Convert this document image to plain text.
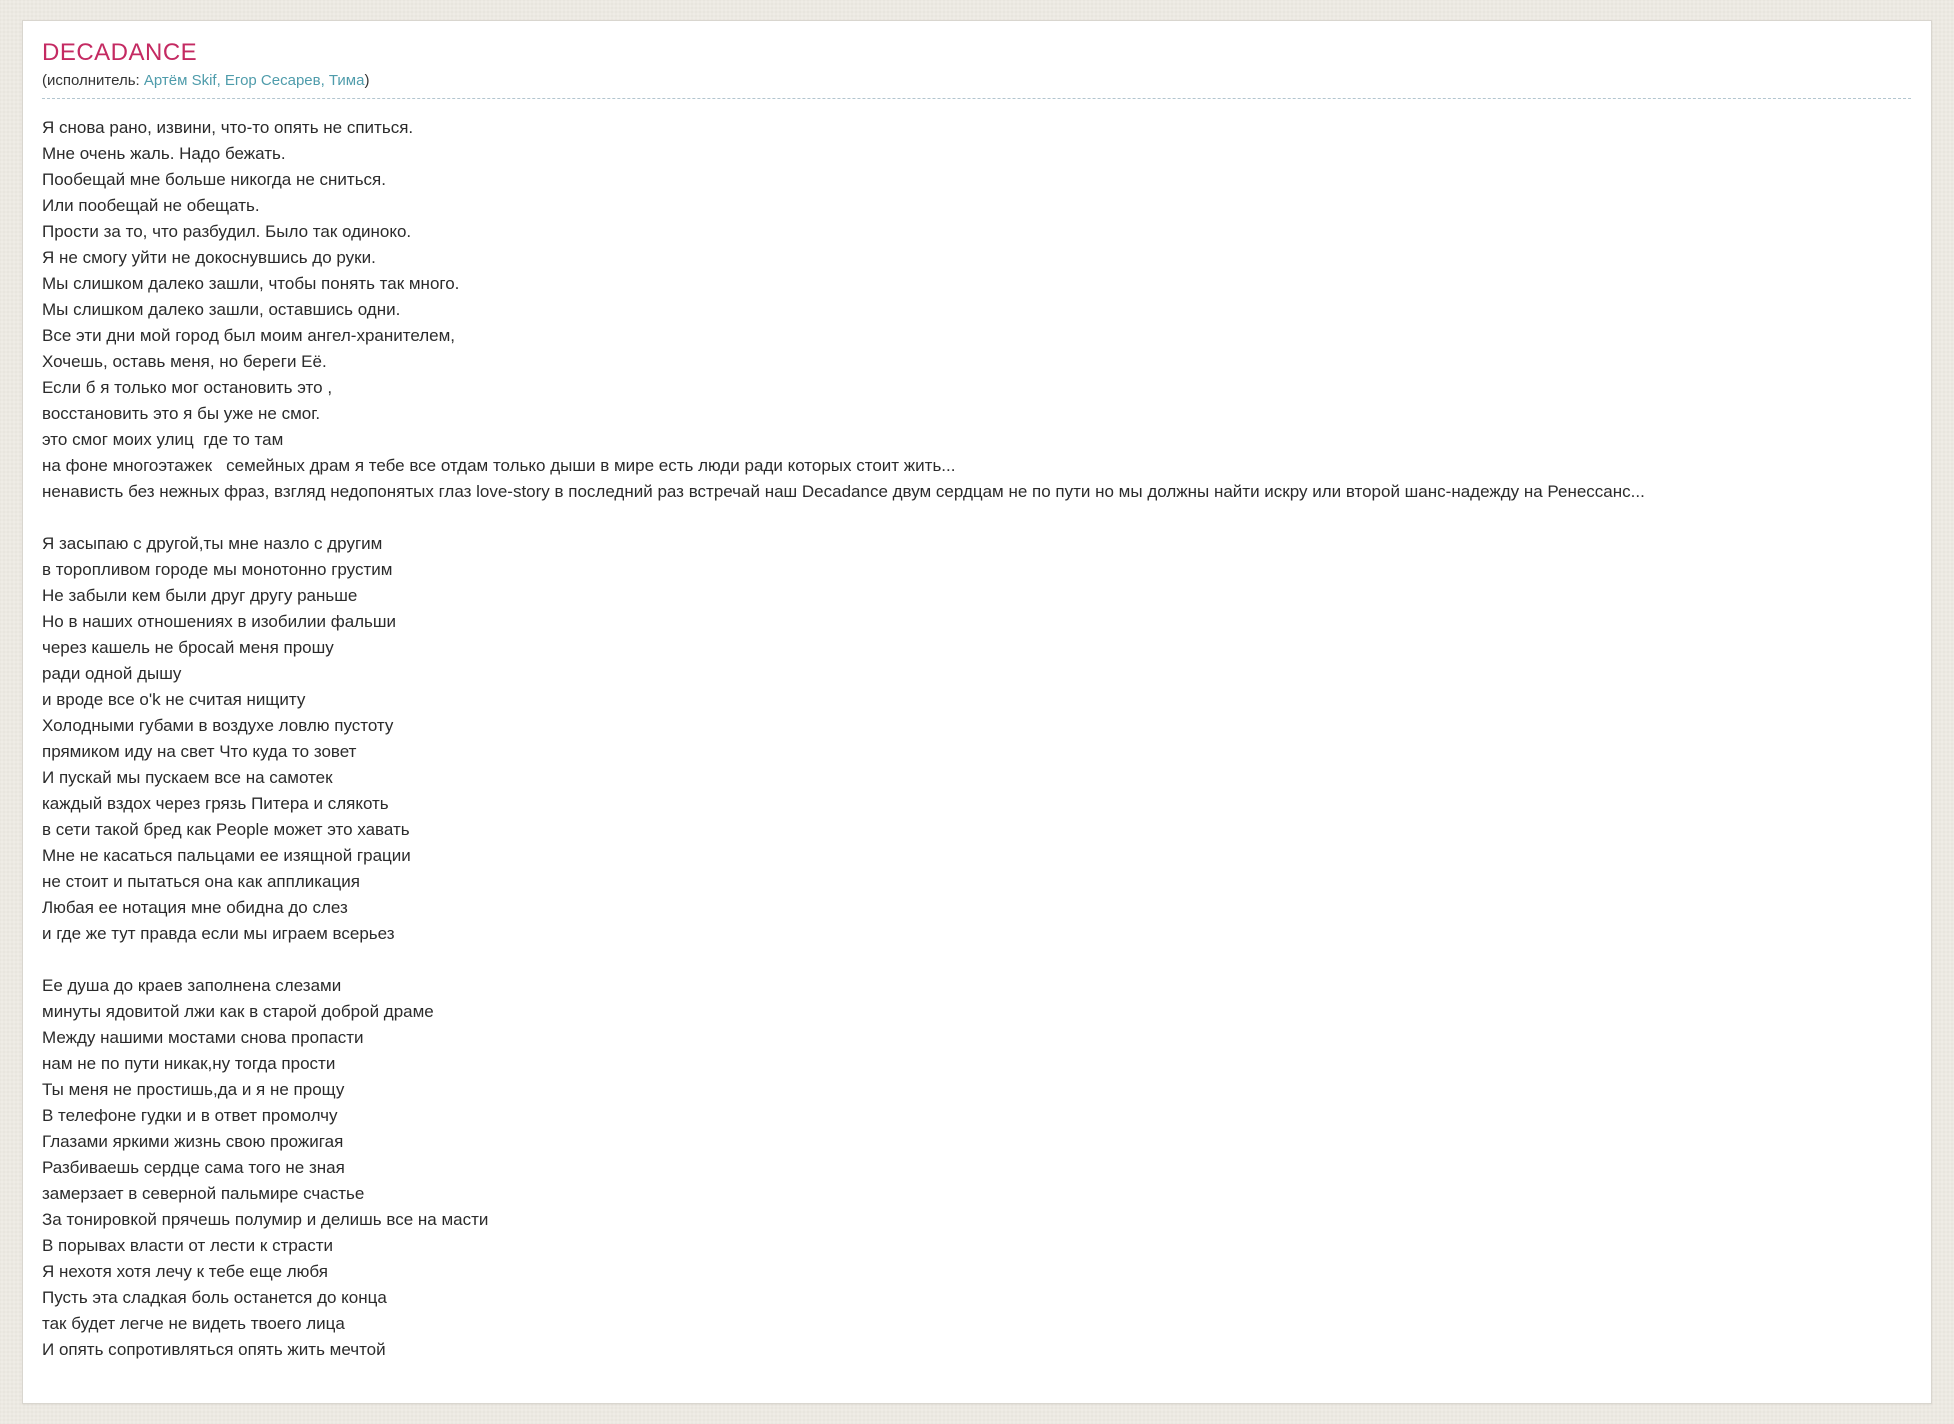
DECADANCE
(исполнитель: Артём Skif, Егор Сесарев, Тима)
Я снова рано, извини, что-то опять не спиться.
Мне очень жаль. Надо бежать.
Пообещай мне больше никогда не сниться.
Или пообещай не обещать.
Прости за то, что разбудил. Было так одиноко.
Я не смогу уйти не докоснувшись до руки.
Мы слишком далеко зашли, чтобы понять так много.
Мы слишком далеко зашли, оставшись одни.
Все эти дни мой город был моим ангел-хранителем,
Хочешь, оставь меня, но береги Её.
Если б я только мог остановить это ,
восстановить это я бы уже не смог.
это смог моих улиц  где то там
на фоне многоэтажек   семейных драм я тебе все отдам только дыши в мире есть люди ради которых стоит жить...
ненависть без нежных фраз, взгляд недопонятых глаз love-story в последний раз встречай наш Decadance двум сердцам не по пути но мы должны найти искру или второй шанс-надежду на Ренессанс...
Я засыпаю с другой,ты мне назло с другим
в торопливом городе мы монотонно грустим
Не забыли кем были друг другу раньше
Но в наших отношениях в изобилии фальши
через кашель не бросай меня прошу
ради одной дышу
и вроде все o'k не считая нищиту
Холодными губами в воздухе ловлю пустоту
прямиком иду на свет Что куда то зовет
И пускай мы пускаем все на самотек
каждый вздох через грязь Питера и слякоть
в сети такой бред как People может это хавать
Мне не касаться пальцами ее изящной грации
не стоит и пытаться она как аппликация
Любая ее нотация мне обидна до слез
и где же тут правда если мы играем всерьез
Ее душа до краев заполнена слезами
минуты ядовитой лжи как в старой доброй драме
Между нашими мостами снова пропасти
нам не по пути никак,ну тогда прости
Ты меня не простишь,да и я не прощу
В телефоне гудки и в ответ промолчу
Глазами яркими жизнь свою прожигая
Разбиваешь сердце сама того не зная
замерзает в северной пальмире счастье
За тонировкой прячешь полумир и делишь все на масти
В порывах власти от лести к страсти
Я нехотя хотя лечу к тебе еще любя
Пусть эта сладкая боль останется до конца
так будет легче не видеть твоего лица
И опять сопротивляться опять жить мечтой
